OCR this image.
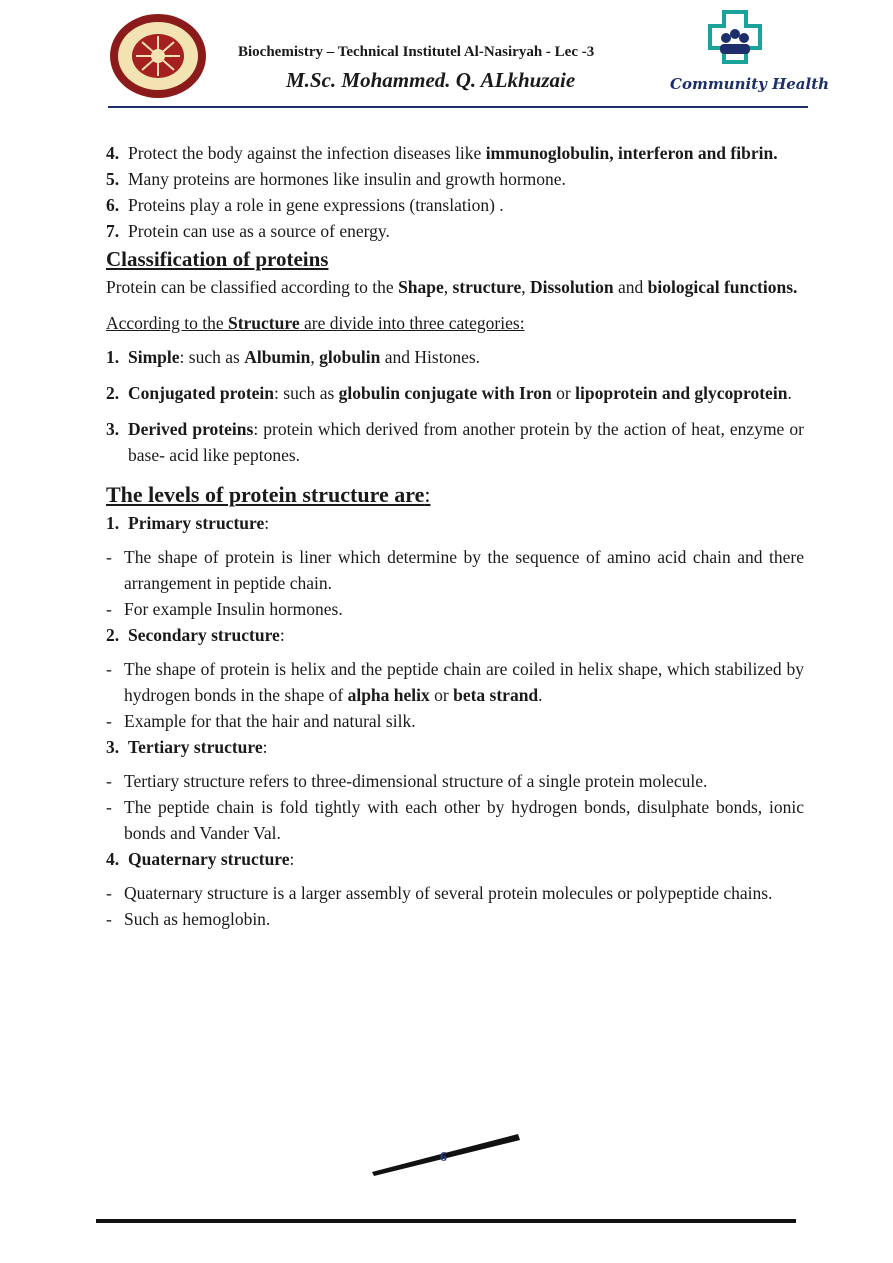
Biochemistry – Technical Institutel Al-Nasiryah - Lec -3
M.Sc. Mohammed. Q. ALkhuzaie	Community Health
4. Protect the body against the infection diseases like immunoglobulin, interferon and fibrin.
5. Many proteins are hormones like insulin and growth hormone.
6. Proteins play a role in gene expressions (translation) .
7. Protein can use as a source of energy.
Classification of proteins
Protein can be classified according to the Shape, structure, Dissolution and biological functions.
According to the Structure are divide into three categories:
1. Simple: such as Albumin, globulin and Histones.
2. Conjugated protein: such as globulin conjugate with Iron or lipoprotein and glycoprotein.
3. Derived proteins: protein which derived from another protein by the action of heat, enzyme or base- acid like peptones.
The levels of protein structure are:
1. Primary structure:
- The shape of protein is liner which determine by the sequence of amino acid chain and there arrangement in peptide chain.
- For example Insulin hormones.
2. Secondary structure:
- The shape of protein is helix and the peptide chain are coiled in helix shape, which stabilized by hydrogen bonds in the shape of alpha helix or beta strand.
- Example for that the hair and natural silk.
3. Tertiary structure:
- Tertiary structure refers to three-dimensional structure of a single protein molecule.
- The peptide chain is fold tightly with each other by hydrogen bonds, disulphate bonds, ionic bonds and Vander Val.
4. Quaternary structure:
- Quaternary structure is a larger assembly of several protein molecules or polypeptide chains.
- Such as hemoglobin.
6
